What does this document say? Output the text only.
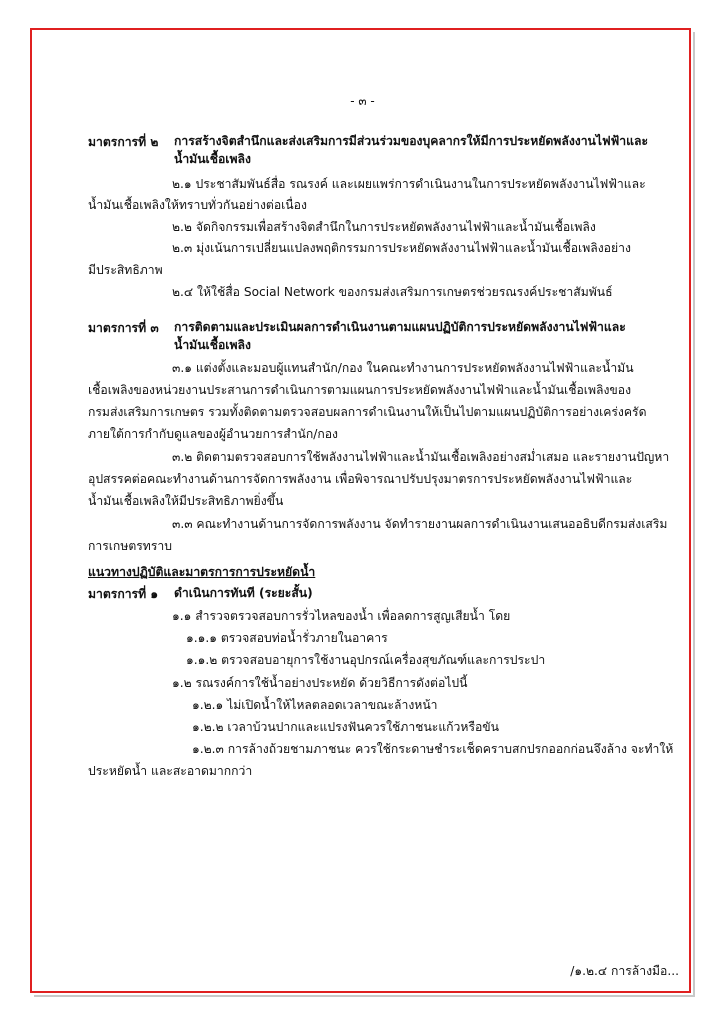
- ๓ -
มาตรการที่ ๒ การสร้างจิตสำนึกและส่งเสริมการมีส่วนร่วมของบุคลากรให้มีการประหยัดพลังงานไฟฟ้าและ
น้ำมันเชื้อเพลิง
๒.๑ ประชาสัมพันธ์สื่อ รณรงค์ และเผยแพร่การดำเนินงานในการประหยัดพลังงานไฟฟ้าและ
น้ำมันเชื้อเพลิงให้ทราบทั่วกันอย่างต่อเนื่อง
๒.๒ จัดกิจกรรมเพื่อสร้างจิตสำนึกในการประหยัดพลังงานไฟฟ้าและน้ำมันเชื้อเพลิง
๒.๓ มุ่งเน้นการเปลี่ยนแปลงพฤติกรรมการประหยัดพลังงานไฟฟ้าและน้ำมันเชื้อเพลิงอย่าง
มีประสิทธิภาพ
๒.๔ ให้ใช้สื่อ Social Network ของกรมส่งเสริมการเกษตรช่วยรณรงค์ประชาสัมพันธ์
มาตรการที่ ๓ การติดตามและประเมินผลการดำเนินงานตามแผนปฏิบัติการประหยัดพลังงานไฟฟ้าและ
น้ำมันเชื้อเพลิง
๓.๑ แต่งตั้งและมอบผู้แทนสำนัก/กอง ในคณะทำงานการประหยัดพลังงานไฟฟ้าและน้ำมัน
เชื้อเพลิงของหน่วยงานประสานการดำเนินการตามแผนการประหยัดพลังงานไฟฟ้าและน้ำมันเชื้อเพลิงของ
กรมส่งเสริมการเกษตร รวมทั้งติดตามตรวจสอบผลการดำเนินงานให้เป็นไปตามแผนปฏิบัติการอย่างเคร่งครัด
ภายใต้การกำกับดูแลของผู้อำนวยการสำนัก/กอง
๓.๒ ติดตามตรวจสอบการใช้พลังงานไฟฟ้าและน้ำมันเชื้อเพลิงอย่างสม่ำเสมอ และรายงานปัญหา
อุปสรรคต่อคณะทำงานด้านการจัดการพลังงาน เพื่อพิจารณาปรับปรุงมาตรการประหยัดพลังงานไฟฟ้าและ
น้ำมันเชื้อเพลิงให้มีประสิทธิภาพยิ่งขึ้น
๓.๓ คณะทำงานด้านการจัดการพลังงาน จัดทำรายงานผลการดำเนินงานเสนออธิบดีกรมส่งเสริม
การเกษตรทราบ
แนวทางปฏิบัติและมาตรการการประหยัดน้ำ
มาตรการที่ ๑ ดำเนินการทันที (ระยะสั้น)
๑.๑ สำรวจตรวจสอบการรั่วไหลของน้ำ เพื่อลดการสูญเสียน้ำ โดย
๑.๑.๑ ตรวจสอบท่อน้ำรั่วภายในอาคาร
๑.๑.๒ ตรวจสอบอายุการใช้งานอุปกรณ์เครื่องสุขภัณฑ์และการประปา
๑.๒ รณรงค์การใช้น้ำอย่างประหยัด ด้วยวิธีการดังต่อไปนี้
๑.๒.๑ ไม่เปิดน้ำให้ไหลตลอดเวลาขณะล้างหน้า
๑.๒.๒ เวลาบ้วนปากและแปรงฟันควรใช้ภาชนะแก้วหรือขัน
๑.๒.๓ การล้างถ้วยชามภาชนะ ควรใช้กระดาษชำระเช็ดคราบสกปรกออกก่อนจึงล้าง จะทำให้
ประหยัดน้ำ และสะอาดมากกว่า
/๑.๒.๔ การล้างมือ...
